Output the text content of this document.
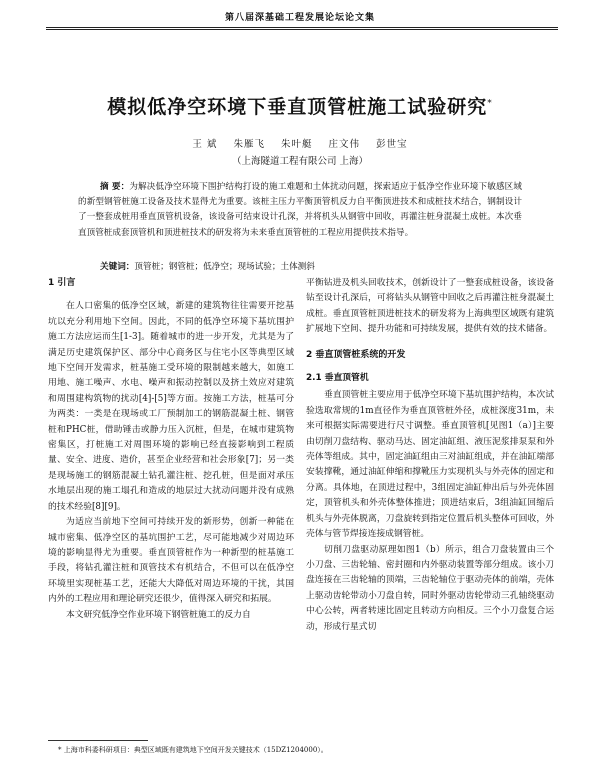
第八届深基础工程发展论坛论文集
模拟低净空环境下垂直顶管桩施工试验研究*
王 斌 朱雁飞 朱叶艇 庄文伟 彭世宝
（上海隧道工程有限公司 上海）
摘 要：为解决低净空环境下围护结构打设的施工难题和土体扰动问题，探索适应于低净空作业环境下敏感区域的新型钢管桩施工设备及技术显得尤为重要。该桩主压力平衡顶管机反力自平衡顶进技术和成桩技术结合，钢制设计了一整套成桩用垂直顶管机设备，该设备可结束设计孔深，并将机头从钢管中回收，再灌注桩身混凝土成桩。本次垂直顶管桩成套顶管机和顶进桩技术的研发将为未来垂直顶管桩的工程应用提供技术指导。
关键词：顶管桩；钢管桩；低净空；现场试验；土体测斜
1 引言

在人口密集的低净空区域，新建的建筑物往往需要开挖基坑以充分利用地下空间。因此，不同的低净空环境下基坑围护施工方法应运而生[1-3]。随着城市的进一步开发，尤其是为了满足历史建筑保护区、部分中心商务区与住宅小区等典型区域地下空间开发需求，桩基施工受环境的限制越来越大，如施工用地、施工噪声、水电、噪声和振动控制以及挤土效应对建筑和周围建构筑物的扰动[4]-[5]等方面。按施工方法，桩基可分为两类：一类是在现场或工厂预制加工的钢筋混凝土桩、钢管桩和PHC桩，借助锤击或静力压入沉桩，但是，在城市建筑物密集区，打桩施工对周围环境的影响已经直接影响到工程质量、安全、进度、造价，甚至企业经营和社会形象[7]；另一类是现场施工的钢筋混凝土钻孔灌注桩、挖孔桩，但是面对承压水地层出现的施工塌孔和造成的地层过大扰动问题并没有成熟的技术经验[8][9]。

为适应当前地下空间可持续开发的新形势，创新一种能在城市密集、低净空区的基坑围护工艺，尽可能地减少对周边环境的影响显得尤为重要。垂直顶管桩作为一种新型的桩基施工手段，将钻孔灌注桩和顶管技术有机结合，不但可以在低净空环境里实现桩基工艺，还能大大降低对周边环境的干扰，其国内外的工程应用和理论研究还很少，值得深入研究和拓展。

本文研究低净空作业环境下钢管桩施工的反力自

平衡钻进及机头回收技术，创新设计了一整套成桩设备，该设备钻至设计孔深后，可将钻头从钢管中回收之后再灌注桩身混凝土成桩。垂直顶管桩顶进桩技术的研发将为上海典型区域既有建筑扩展地下空间、提升功能和可持续发展，提供有效的技术储备。

2 垂直顶管桩系统的开发
2.1 垂直顶管机

垂直顶管桩主要应用于低净空环境下基坑围护结构，本次试验选取常规的1m直径作为垂直顶管桩外径，成桩深度31m，未来可根据实际需要进行尺寸调整。垂直顶管机[见图1（a）]主要由切削刀盘结构、驱动马达、固定油缸组、液压泥浆排泵泵和外壳体等组成。其中，固定油缸组由三对油缸组成，并在油缸端部安装撑靴，通过油缸伸缩和撑靴压力实现机头与外壳体的固定和分离。具体地，在顶进过程中，3组固定油缸伸出后与外壳体固定，顶管机头和外壳体整体推进；顶进结束后，3组油缸回缩后机头与外壳体脱离，刀盘旋转到指定位置后机头整体可回收，外壳体与管节焊接连接成钢管桩。

切削刀盘驱动原理如图1（b）所示，组合刀盘装置由三个小刀盘、三齿轮轴、密封圈和内外驱动装置等部分组成。该小刀盘连接在三齿轮轴的顶端，三齿轮轴位于驱动壳体的前端，壳体上驱动齿轮带动小刀盘自转，同时外驱动齿轮带动三孔轴绕驱动中心公转，两者转速比固定且转动方向相反。三个小刀盘复合运动，形成行星式切

* 上海市科委科研项目：典型区域既有建筑地下空间开发关键技术（15DZ1204000）。
